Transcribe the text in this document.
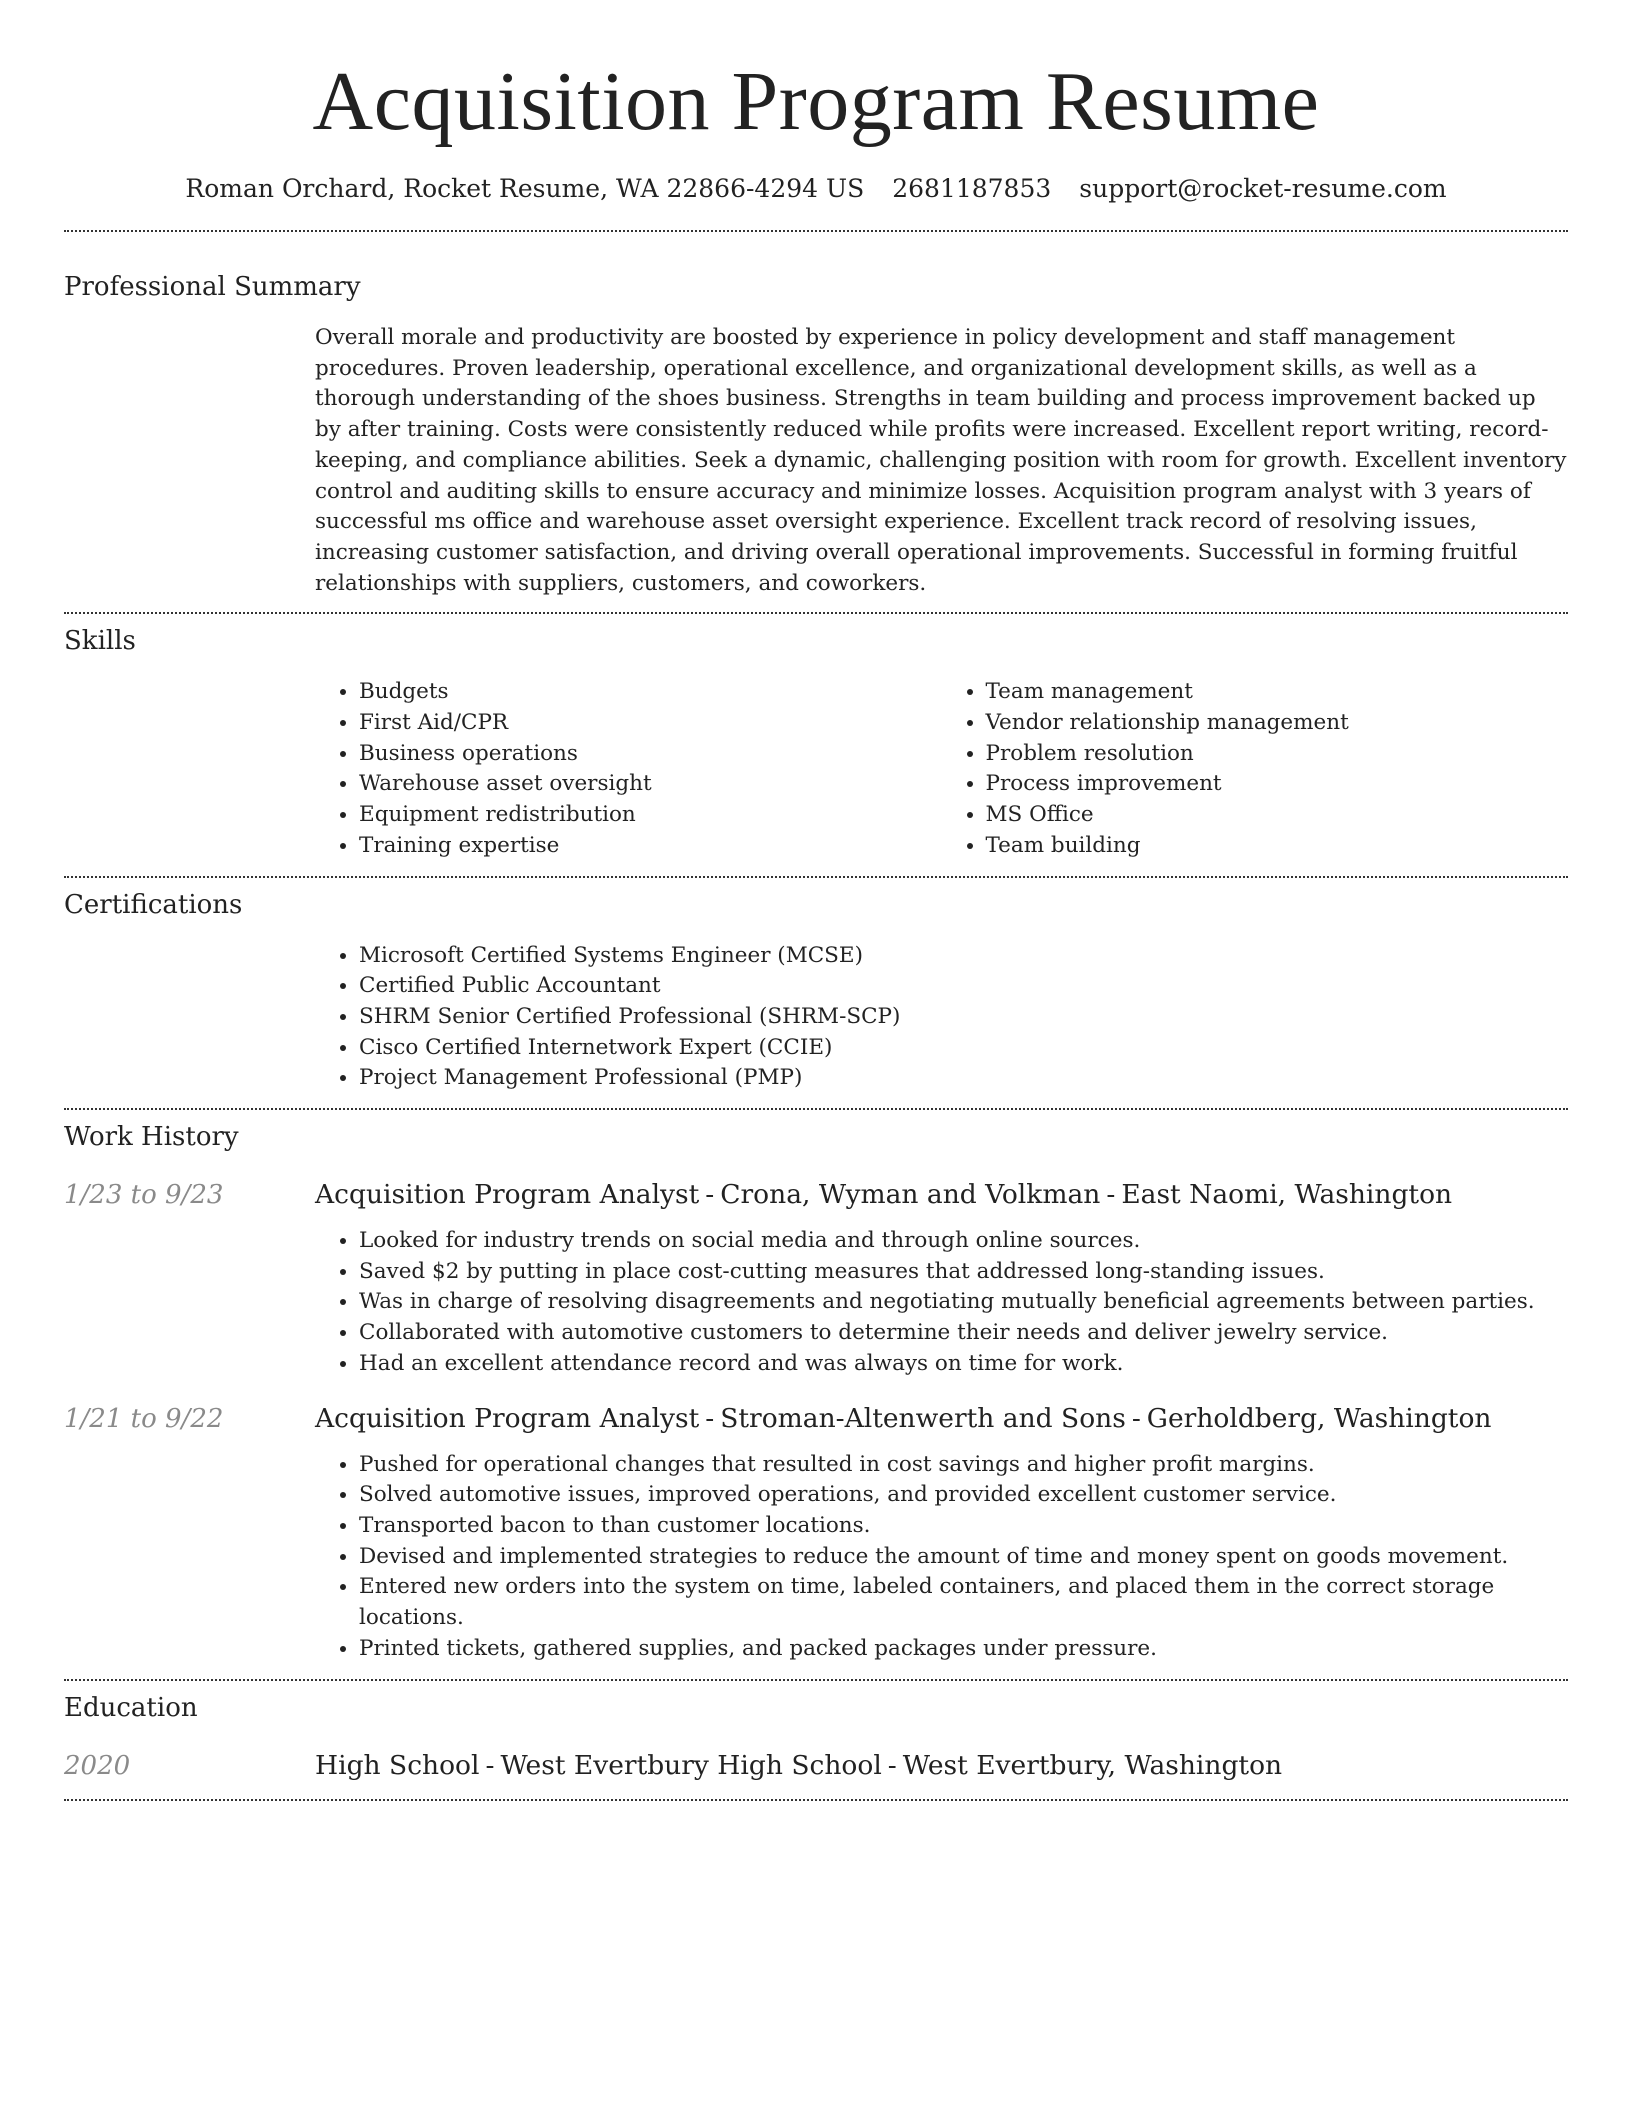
Acquisition Program Resume
Roman Orchard, Rocket Resume, WA 22866-4294 US 2681187853 support@rocket-resume.com
Professional Summary

Overall morale and productivity are boosted by experience in policy development and staff management procedures. Proven leadership, operational excellence, and organizational development skills, as well as a thorough understanding of the shoes business. Strengths in team building and process improvement backed up by after training. Costs were consistently reduced while profits were increased. Excellent report writing, record-keeping, and compliance abilities. Seek a dynamic, challenging position with room for growth. Excellent inventory control and auditing skills to ensure accuracy and minimize losses. Acquisition program analyst with 3 years of successful ms office and warehouse asset oversight experience. Excellent track record of resolving issues, increasing customer satisfaction, and driving overall operational improvements. Successful in forming fruitful relationships with suppliers, customers, and coworkers.

Skills
• Budgets
• First Aid/CPR
• Business operations
• Warehouse asset oversight
• Equipment redistribution
• Training expertise
• Team management
• Vendor relationship management
• Problem resolution
• Process improvement
• MS Office
• Team building
Certifications
• Microsoft Certified Systems Engineer (MCSE)
• Certified Public Accountant
• SHRM Senior Certified Professional (SHRM-SCP)
• Cisco Certified Internetwork Expert (CCIE)
• Project Management Professional (PMP)
Work History
1/23 to 9/23	Acquisition Program Analyst - Crona, Wyman and Volkman - East Naomi, Washington
• Looked for industry trends on social media and through online sources.
• Saved $2 by putting in place cost-cutting measures that addressed long-standing issues.
• Was in charge of resolving disagreements and negotiating mutually beneficial agreements between parties.
• Collaborated with automotive customers to determine their needs and deliver jewelry service.
• Had an excellent attendance record and was always on time for work.
1/21 to 9/22	Acquisition Program Analyst - Stroman-Altenwerth and Sons - Gerholdberg, Washington
• Pushed for operational changes that resulted in cost savings and higher profit margins.
• Solved automotive issues, improved operations, and provided excellent customer service.
• Transported bacon to than customer locations.
• Devised and implemented strategies to reduce the amount of time and money spent on goods movement.
• Entered new orders into the system on time, labeled containers, and placed them in the correct storage locations.
• Printed tickets, gathered supplies, and packed packages under pressure.
Education
2020	High School - West Evertbury High School - West Evertbury, Washington
